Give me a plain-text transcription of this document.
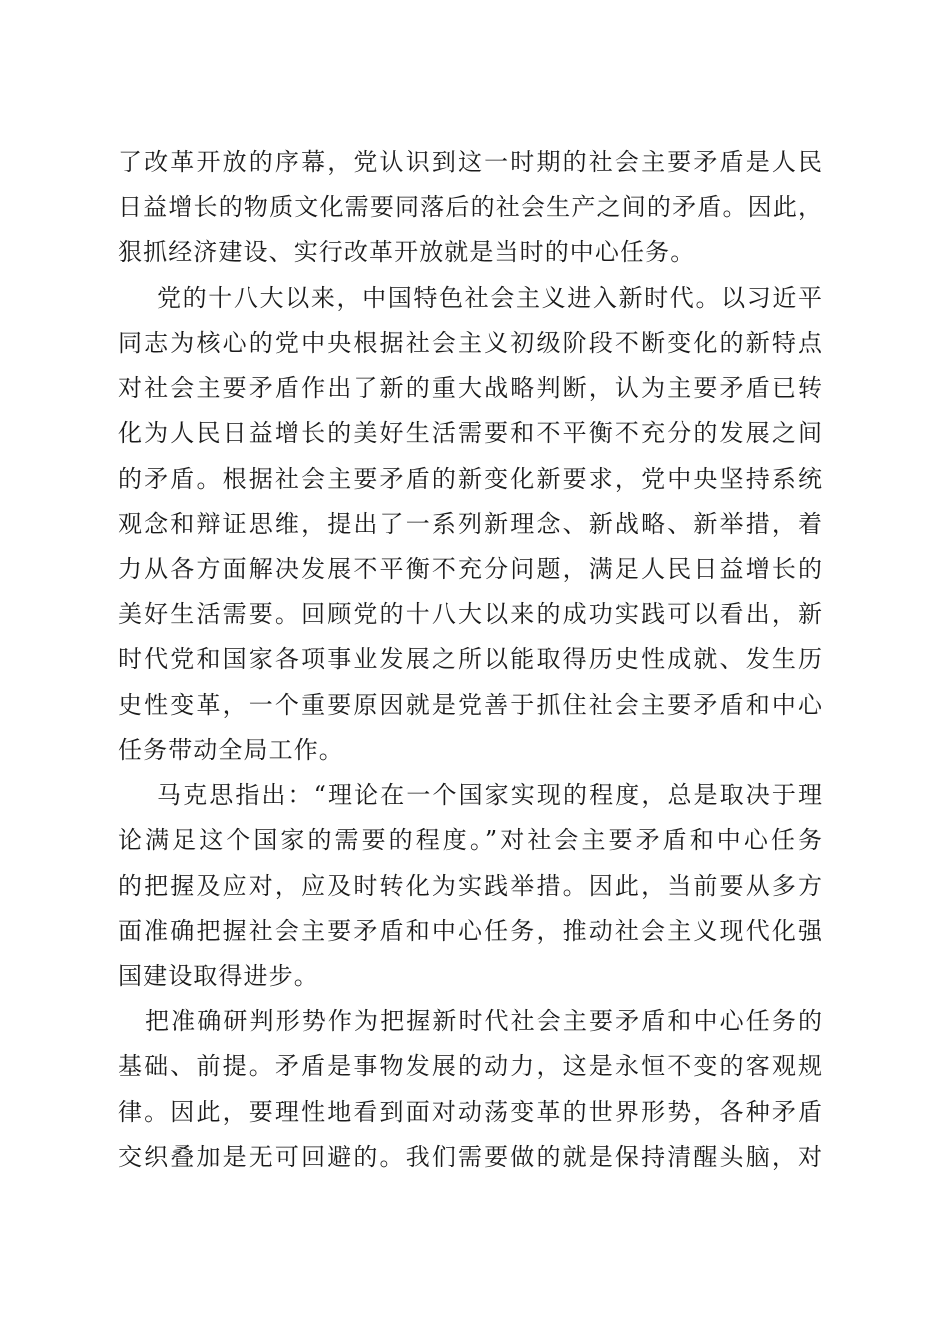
了改革开放的序幕，党认识到这一时期的社会主要矛盾是人民
日益增长的物质文化需要同落后的社会生产之间的矛盾。因此，
狠抓经济建设、实行改革开放就是当时的中心任务。
党的十八大以来，中国特色社会主义进入新时代。以习近平
同志为核心的党中央根据社会主义初级阶段不断变化的新特点
对社会主要矛盾作出了新的重大战略判断，认为主要矛盾已转
化为人民日益增长的美好生活需要和不平衡不充分的发展之间
的矛盾。根据社会主要矛盾的新变化新要求，党中央坚持系统
观念和辩证思维，提出了一系列新理念、新战略、新举措，着
力从各方面解决发展不平衡不充分问题，满足人民日益增长的
美好生活需要。回顾党的十八大以来的成功实践可以看出，新
时代党和国家各项事业发展之所以能取得历史性成就、发生历
史性变革，一个重要原因就是党善于抓住社会主要矛盾和中心
任务带动全局工作。
马克思指出：“理论在一个国家实现的程度，总是取决于理
论满足这个国家的需要的程度。”对社会主要矛盾和中心任务
的把握及应对，应及时转化为实践举措。因此，当前要从多方
面准确把握社会主要矛盾和中心任务，推动社会主义现代化强
国建设取得进步。
把准确研判形势作为把握新时代社会主要矛盾和中心任务的
基础、前提。矛盾是事物发展的动力，这是永恒不变的客观规
律。因此，要理性地看到面对动荡变革的世界形势，各种矛盾
交织叠加是无可回避的。我们需要做的就是保持清醒头脑，对
